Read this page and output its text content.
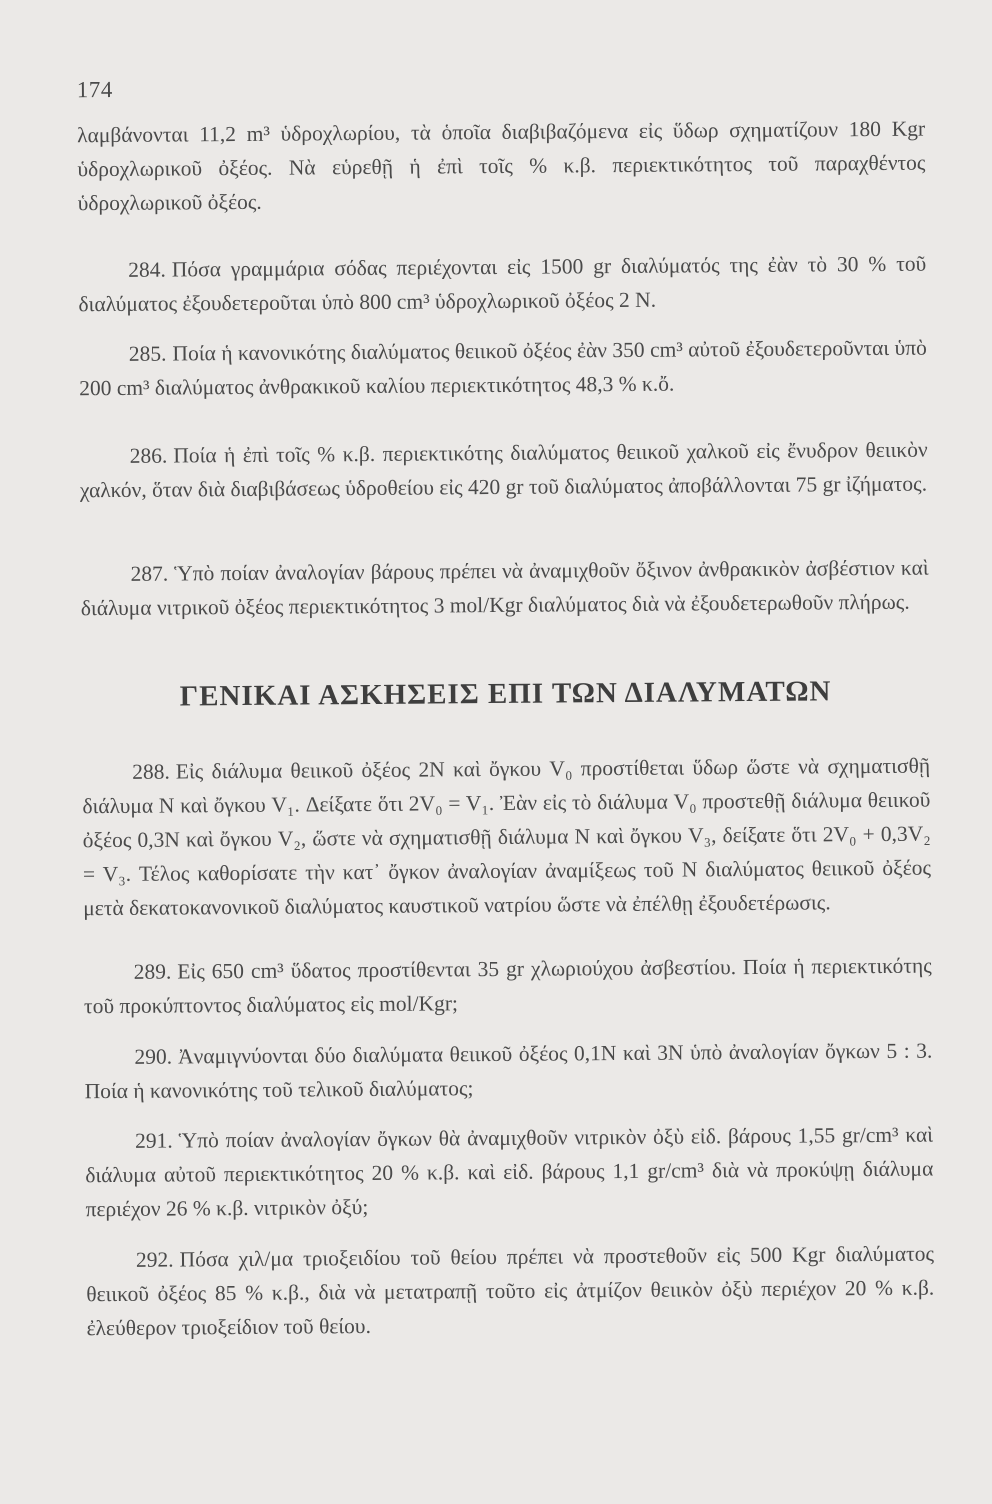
174
λαμβάνονται 11,2 m³ ὑδροχλωρίου, τὰ ὁποῖα διαβιβαζόμενα εἰς ὕδωρ σχηματίζουν 180 Kgr ὑδροχλωρικοῦ ὀξέος. Νὰ εὑρεθῇ ἡ ἐπὶ τοῖς % κ.β. περιεκτικότητος τοῦ παραχθέντος ὑδροχλωρικοῦ ὀξέος.
284. Πόσα γραμμάρια σόδας περιέχονται εἰς 1500 gr διαλύματός της ἐὰν τὸ 30 % τοῦ διαλύματος ἐξουδετεροῦται ὑπὸ 800 cm³ ὑδροχλωρικοῦ ὀξέος 2 N.
285. Ποία ἡ κανονικότης διαλύματος θειικοῦ ὀξέος ἐὰν 350 cm³ αὐτοῦ ἐξουδετεροῦνται ὑπὸ 200 cm³ διαλύματος ἀνθρακικοῦ καλίου περιεκτικότητος 48,3 % κ.ὄ.
286. Ποία ἡ ἐπὶ τοῖς % κ.β. περιεκτικότης διαλύματος θειικοῦ χαλκοῦ εἰς ἔνυδρον θειικὸν χαλκόν, ὅταν διὰ διαβιβάσεως ὑδροθείου εἰς 420 gr τοῦ διαλύματος ἀποβάλλονται 75 gr ἰζήματος.
287. Ὑπὸ ποίαν ἀναλογίαν βάρους πρέπει νὰ ἀναμιχθοῦν ὄξινον ἀνθρακικὸν ἀσβέστιον καὶ διάλυμα νιτρικοῦ ὀξέος περιεκτικότητος 3 mol/Kgr διαλύματος διὰ νὰ ἐξουδετερωθοῦν πλήρως.
ΓΕΝΙΚΑΙ ΑΣΚΗΣΕΙΣ ΕΠΙ ΤΩΝ ΔΙΑΛΥΜΑΤΩΝ
288. Εἰς διάλυμα θειικοῦ ὀξέος 2N καὶ ὄγκου V₀ προστίθεται ὕδωρ ὥστε νὰ σχηματισθῇ διάλυμα N καὶ ὄγκου V₁. Δείξατε ὅτι 2V₀ = V₁. Ἐὰν εἰς τὸ διάλυμα V₀ προστεθῇ διάλυμα θειικοῦ ὀξέος 0,3N καὶ ὄγκου V₂, ὥστε νὰ σχηματισθῇ διάλυμα N καὶ ὄγκου V₃, δείξατε ὅτι 2V₀ + 0,3V₂ = V₃. Τέλος καθορίσατε τὴν κατ᾽ ὄγκον ἀναλογίαν ἀναμίξεως τοῦ N διαλύματος θειικοῦ ὀξέος μετὰ δεκατοκανονικοῦ διαλύματος καυστικοῦ νατρίου ὥστε νὰ ἐπέλθῃ ἐξουδετέρωσις.
289. Εἰς 650 cm³ ὕδατος προστίθενται 35 gr χλωριούχου ἀσβεστίου. Ποία ἡ περιεκτικότης τοῦ προκύπτοντος διαλύματος εἰς mol/Kgr;
290. Ἀναμιγνύονται δύο διαλύματα θειικοῦ ὀξέος 0,1N καὶ 3N ὑπὸ ἀναλογίαν ὄγκων 5 : 3. Ποία ἡ κανονικότης τοῦ τελικοῦ διαλύματος;
291. Ὑπὸ ποίαν ἀναλογίαν ὄγκων θὰ ἀναμιχθοῦν νιτρικὸν ὀξὺ εἰδ. βάρους 1,55 gr/cm³ καὶ διάλυμα αὐτοῦ περιεκτικότητος 20 % κ.β. καὶ εἰδ. βάρους 1,1 gr/cm³ διὰ νὰ προκύψῃ διάλυμα περιέχον 26 % κ.β. νιτρικὸν ὀξύ;
292. Πόσα χιλ/μα τριοξειδίου τοῦ θείου πρέπει νὰ προστεθοῦν εἰς 500 Kgr διαλύματος θειικοῦ ὀξέος 85 % κ.β., διὰ νὰ μετατραπῇ τοῦτο εἰς ἀτμίζον θειικὸν ὀξὺ περιέχον 20 % κ.β. ἐλεύθερον τριοξείδιον τοῦ θείου.
